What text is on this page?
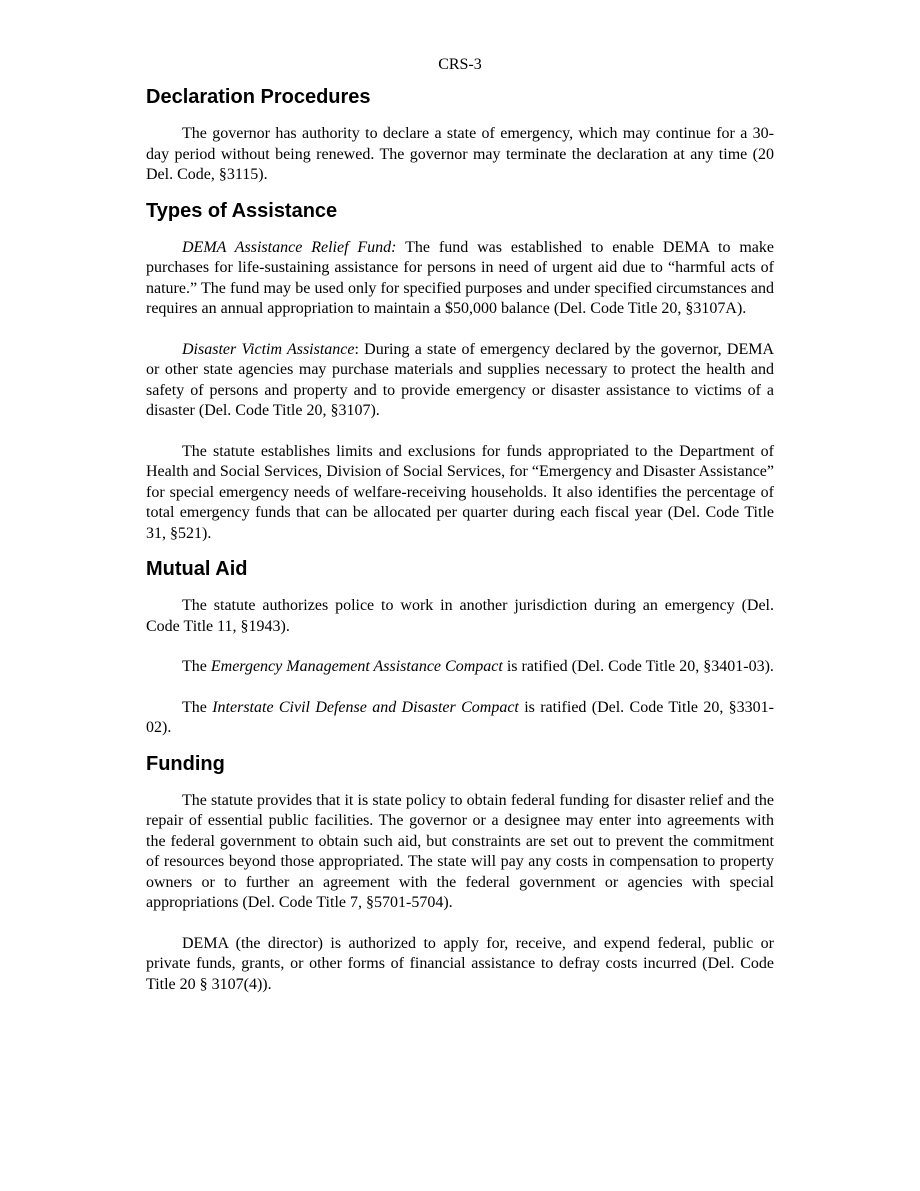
CRS-3
Declaration Procedures

The governor has authority to declare a state of emergency, which may continue for a 30-day period without being renewed. The governor may terminate the declaration at any time (20 Del. Code, §3115).

Types of Assistance

DEMA Assistance Relief Fund: The fund was established to enable DEMA to make purchases for life-sustaining assistance for persons in need of urgent aid due to “harmful acts of nature.” The fund may be used only for specified purposes and under specified circumstances and requires an annual appropriation to maintain a $50,000 balance (Del. Code Title 20, §3107A).

Disaster Victim Assistance: During a state of emergency declared by the governor, DEMA or other state agencies may purchase materials and supplies necessary to protect the health and safety of persons and property and to provide emergency or disaster assistance to victims of a disaster (Del. Code Title 20, §3107).

The statute establishes limits and exclusions for funds appropriated to the Department of Health and Social Services, Division of Social Services, for “Emergency and Disaster Assistance” for special emergency needs of welfare-receiving households. It also identifies the percentage of total emergency funds that can be allocated per quarter during each fiscal year (Del. Code Title 31, §521).

Mutual Aid

The statute authorizes police to work in another jurisdiction during an emergency (Del. Code Title 11, §1943).

The Emergency Management Assistance Compact is ratified (Del. Code Title 20, §3401-03).

The Interstate Civil Defense and Disaster Compact is ratified (Del. Code Title 20, §3301-02).

Funding

The statute provides that it is state policy to obtain federal funding for disaster relief and the repair of essential public facilities. The governor or a designee may enter into agreements with the federal government to obtain such aid, but constraints are set out to prevent the commitment of resources beyond those appropriated. The state will pay any costs in compensation to property owners or to further an agreement with the federal government or agencies with special appropriations (Del. Code Title 7, §5701-5704).

DEMA (the director) is authorized to apply for, receive, and expend federal, public or private funds, grants, or other forms of financial assistance to defray costs incurred (Del. Code Title 20 § 3107(4)).
